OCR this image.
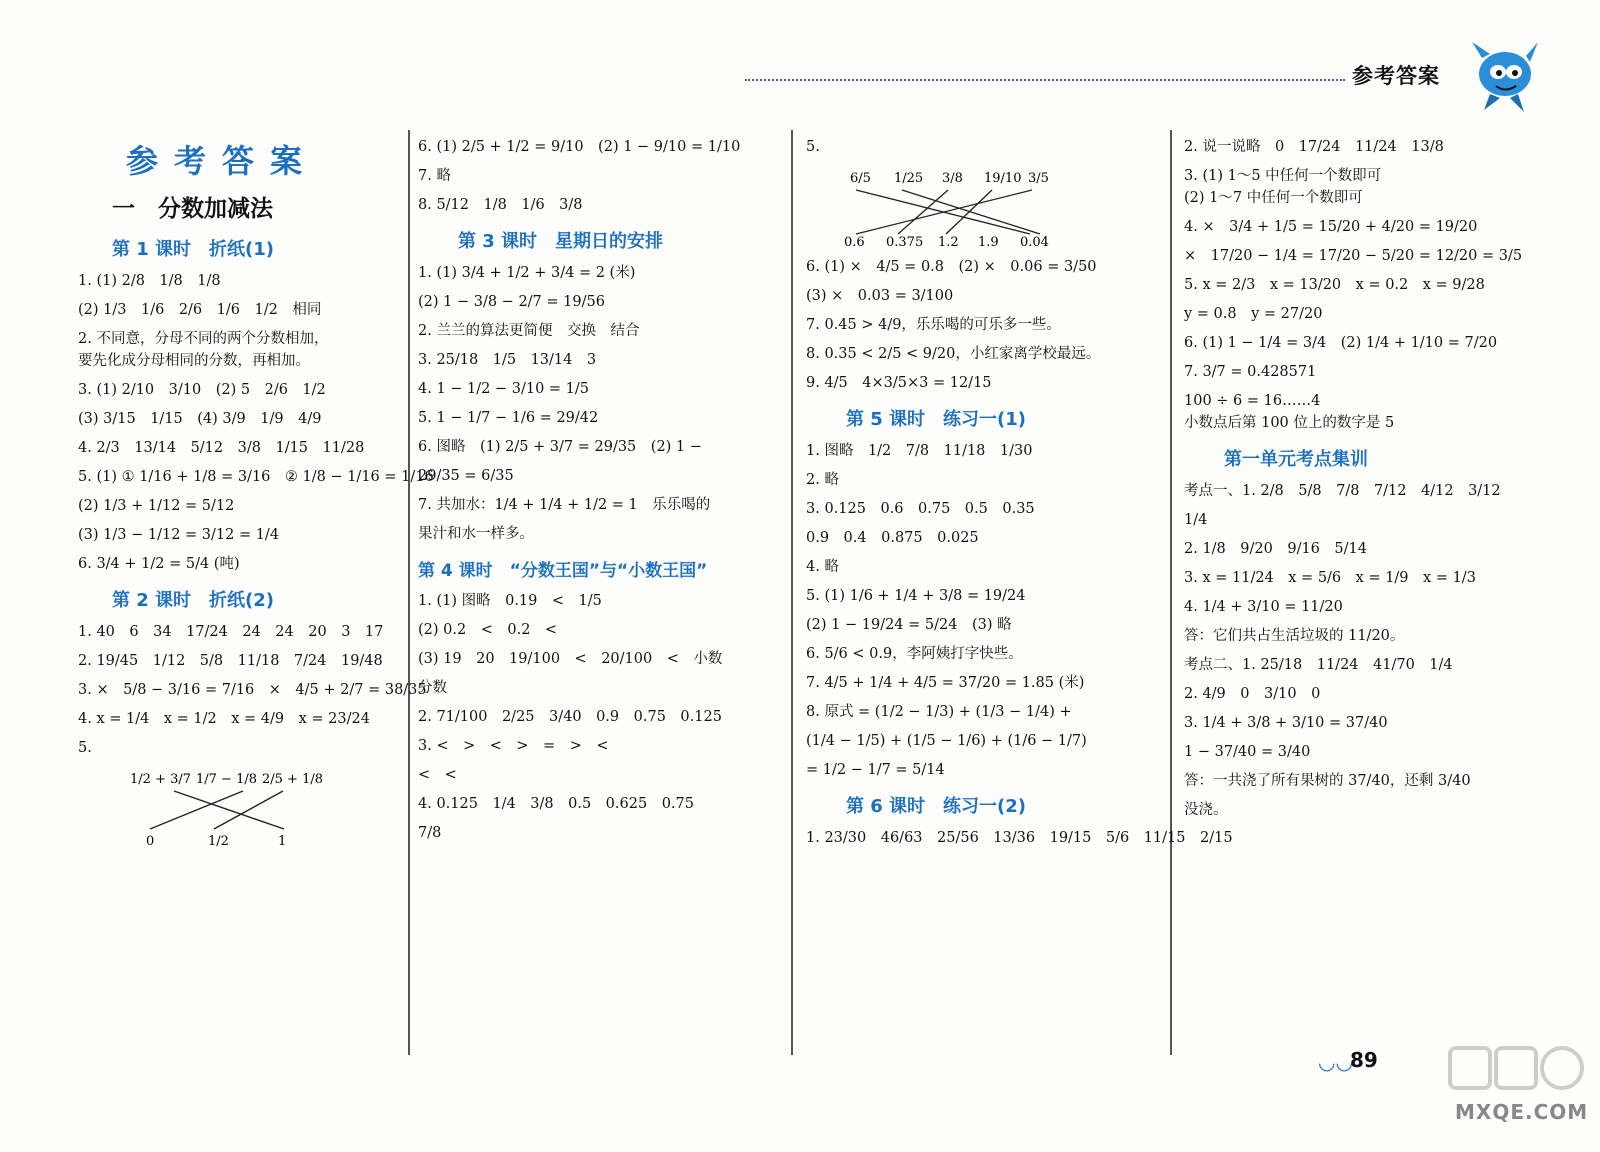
参考答案
参考答案
一　分数加减法
第 1 课时　折纸(1)
1. (1) 2/8　1/8　1/8
(2) 1/3　1/6　2/6　1/6　1/2　相同
2. 不同意，分母不同的两个分数相加，
要先化成分母相同的分数，再相加。
3. (1) 2/10　3/10　(2) 5　2/6　1/2
(3) 3/15　1/15　(4) 3/9　1/9　4/9
4. 2/3　13/14　5/12　3/8　1/15　11/28
5. (1) ① 1/16 + 1/8 = 3/16　② 1/8 − 1/16 = 1/16
(2) 1/3 + 1/12 = 5/12
(3) 1/3 − 1/12 = 3/12 = 1/4
6. 3/4 + 1/2 = 5/4 (吨)
第 2 课时　折纸(2)
1. 40　6　34　17/24　24　24　20　3　17
2. 19/45　1/12　5/8　11/18　7/24　19/48
3. ×　5/8 − 3/16 = 7/16　×　4/5 + 2/7 = 38/35
4. x = 1/4　x = 1/2　x = 4/9　x = 23/24
5.
1/2 + 3/7 1/7 − 1/8 2/5 + 1/8
0	1/2	1
6. (1) 2/5 + 1/2 = 9/10　(2) 1 − 9/10 = 1/10
7. 略
8. 5/12　1/8　1/6　3/8
第 3 课时　星期日的安排
1. (1) 3/4 + 1/2 + 3/4 = 2 (米)
(2) 1 − 3/8 − 2/7 = 19/56
2. 兰兰的算法更简便　交换　结合
3. 25/18　1/5　13/14　3
4. 1 − 1/2 − 3/10 = 1/5
5. 1 − 1/7 − 1/6 = 29/42
6. 图略　(1) 2/5 + 3/7 = 29/35　(2) 1 −
29/35 = 6/35
7. 共加水：1/4 + 1/4 + 1/2 = 1　乐乐喝的
果汁和水一样多。
第 4 课时　“分数王国”与“小数王国”
1. (1) 图略　0.19　<　1/5
(2) 0.2　<　0.2　<
(3) 19　20　19/100　<　20/100　<　小数
分数
2. 71/100　2/25　3/40　0.9　0.75　0.125
3. <　>　<　>　=　>　<
<　<
4. 0.125　1/4　3/8　0.5　0.625　0.75
7/8
5.
6/5 1/25 3/8 19/10 3/5
0.6 0.375 1.2 1.9 0.04
6. (1) ×　4/5 = 0.8　(2) ×　0.06 = 3/50
(3) ×　0.03 = 3/100
7. 0.45 > 4/9，乐乐喝的可乐多一些。
8. 0.35 < 2/5 < 9/20，小红家离学校最远。
9. 4/5　4×3/5×3 = 12/15
第 5 课时　练习一(1)
1. 图略　1/2　7/8　11/18　1/30
2. 略
3. 0.125　0.6　0.75　0.5　0.35
0.9　0.4　0.875　0.025
4. 略
5. (1) 1/6 + 1/4 + 3/8 = 19/24
(2) 1 − 19/24 = 5/24　(3) 略
6. 5/6 < 0.9，李阿姨打字快些。
7. 4/5 + 1/4 + 4/5 = 37/20 = 1.85 (米)
8. 原式 = (1/2 − 1/3) + (1/3 − 1/4) +
(1/4 − 1/5) + (1/5 − 1/6) + (1/6 − 1/7)
= 1/2 − 1/7 = 5/14
第 6 课时　练习一(2)
1. 23/30　46/63　25/56　13/36　19/15　5/6　11/15　2/15
2. 说一说略　0　17/24　11/24　13/8
3. (1) 1～5 中任何一个数即可
(2) 1～7 中任何一个数即可
4. ×　3/4 + 1/5 = 15/20 + 4/20 = 19/20
×　17/20 − 1/4 = 17/20 − 5/20 = 12/20 = 3/5
5. x = 2/3　x = 13/20　x = 0.2　x = 9/28
y = 0.8　y = 27/20
6. (1) 1 − 1/4 = 3/4　(2) 1/4 + 1/10 = 7/20
7. 3/7 = 0.428571
100 ÷ 6 = 16……4
小数点后第 100 位上的数字是 5
第一单元考点集训
考点一、1. 2/8　5/8　7/8　7/12　4/12　3/12
1/4
2. 1/8　9/20　9/16　5/14
3. x = 11/24　x = 5/6　x = 1/9　x = 1/3
4. 1/4 + 3/10 = 11/20
答：它们共占生活垃圾的 11/20。
考点二、1. 25/18　11/24　41/70　1/4
2. 4/9　0　3/10　0
3. 1/4 + 3/8 + 3/10 = 37/40
1 − 37/40 = 3/40
答：一共浇了所有果树的 37/40，还剩 3/40
没浇。
◡◡
89
MXQE.COM
